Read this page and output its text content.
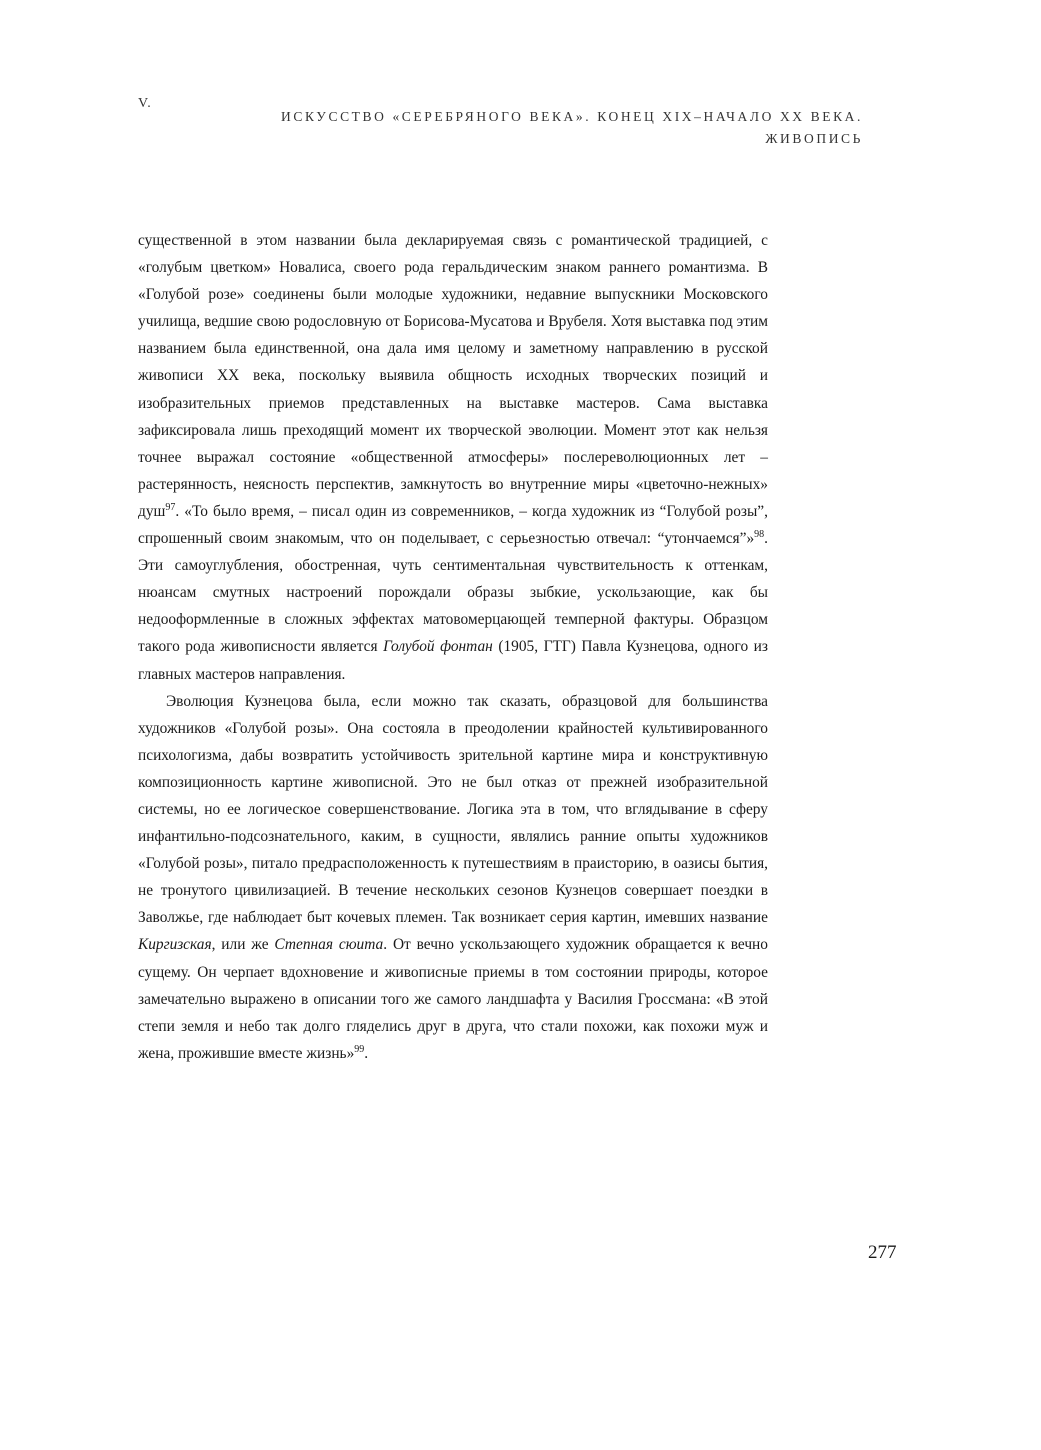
V.
ИСКУССТВО «СЕРЕБРЯНОГО ВЕКА». КОНЕЦ XIX–НАЧАЛО XX ВЕКА. ЖИВОПИСЬ

существенной в этом названии была декларируемая связь с романтической традицией, с «голубым цветком» Новалиса, своего рода геральдическим знаком раннего романтизма. В «Голубой розе» соединены были молодые художники, недавние выпускники Московского училища, ведшие свою родословную от Борисова-Мусатова и Врубеля. Хотя выставка под этим названием была единственной, она дала имя целому и заметному направлению в русской живописи XX века, поскольку выявила общность исходных творческих позиций и изобразительных приемов представленных на выставке мастеров. Сама выставка зафиксировала лишь преходящий момент их творческой эволюции. Момент этот как нельзя точнее выражал состояние «общественной атмосферы» послереволюционных лет – растерянность, неясность перспектив, замкнутость во внутренние миры «цветочно-нежных» душ$^{97}$. «То было время, – писал один из современников, – когда художник из “Голубой розы”, спрошенный своим знакомым, что он поделывает, с серьезностью отвечал: “утончаемся”»$^{98}$. Эти самоуглубления, обостренная, чуть сентиментальная чувствительность к оттенкам, нюансам смутных настроений порождали образы зыбкие, ускользающие, как бы недооформленные в сложных эффектах матовомерцающей темперной фактуры. Образцом такого рода живописности является Голубой фонтан (1905, ГТГ) Павла Кузнецова, одного из главных мастеров направления.

Эволюция Кузнецова была, если можно так сказать, образцовой для большинства художников «Голубой розы». Она состояла в преодолении крайностей культивированного психологизма, дабы возвратить устойчивость зрительной картине мира и конструктивную композиционность картине живописной. Это не был отказ от прежней изобразительной системы, но ее логическое совершенствование. Логика эта в том, что вглядывание в сферу инфантильно-подсознательного, каким, в сущности, являлись ранние опыты художников «Голубой розы», питало предрасположенность к путешествиям в праисторию, в оазисы бытия, не тронутого цивилизацией. В течение нескольких сезонов Кузнецов совершает поездки в Заволжье, где наблюдает быт кочевых племен. Так возникает серия картин, имевших название Киргизская, или же Степная сюита. От вечно ускользающего художник обращается к вечно сущему. Он черпает вдохновение и живописные приемы в том состоянии природы, которое замечательно выражено в описании того же самого ландшафта у Василия Гроссмана: «В этой степи земля и небо так долго гляделись друг в друга, что стали похожи, как похожи муж и жена, прожившие вместе жизнь»$^{99}$.

277
